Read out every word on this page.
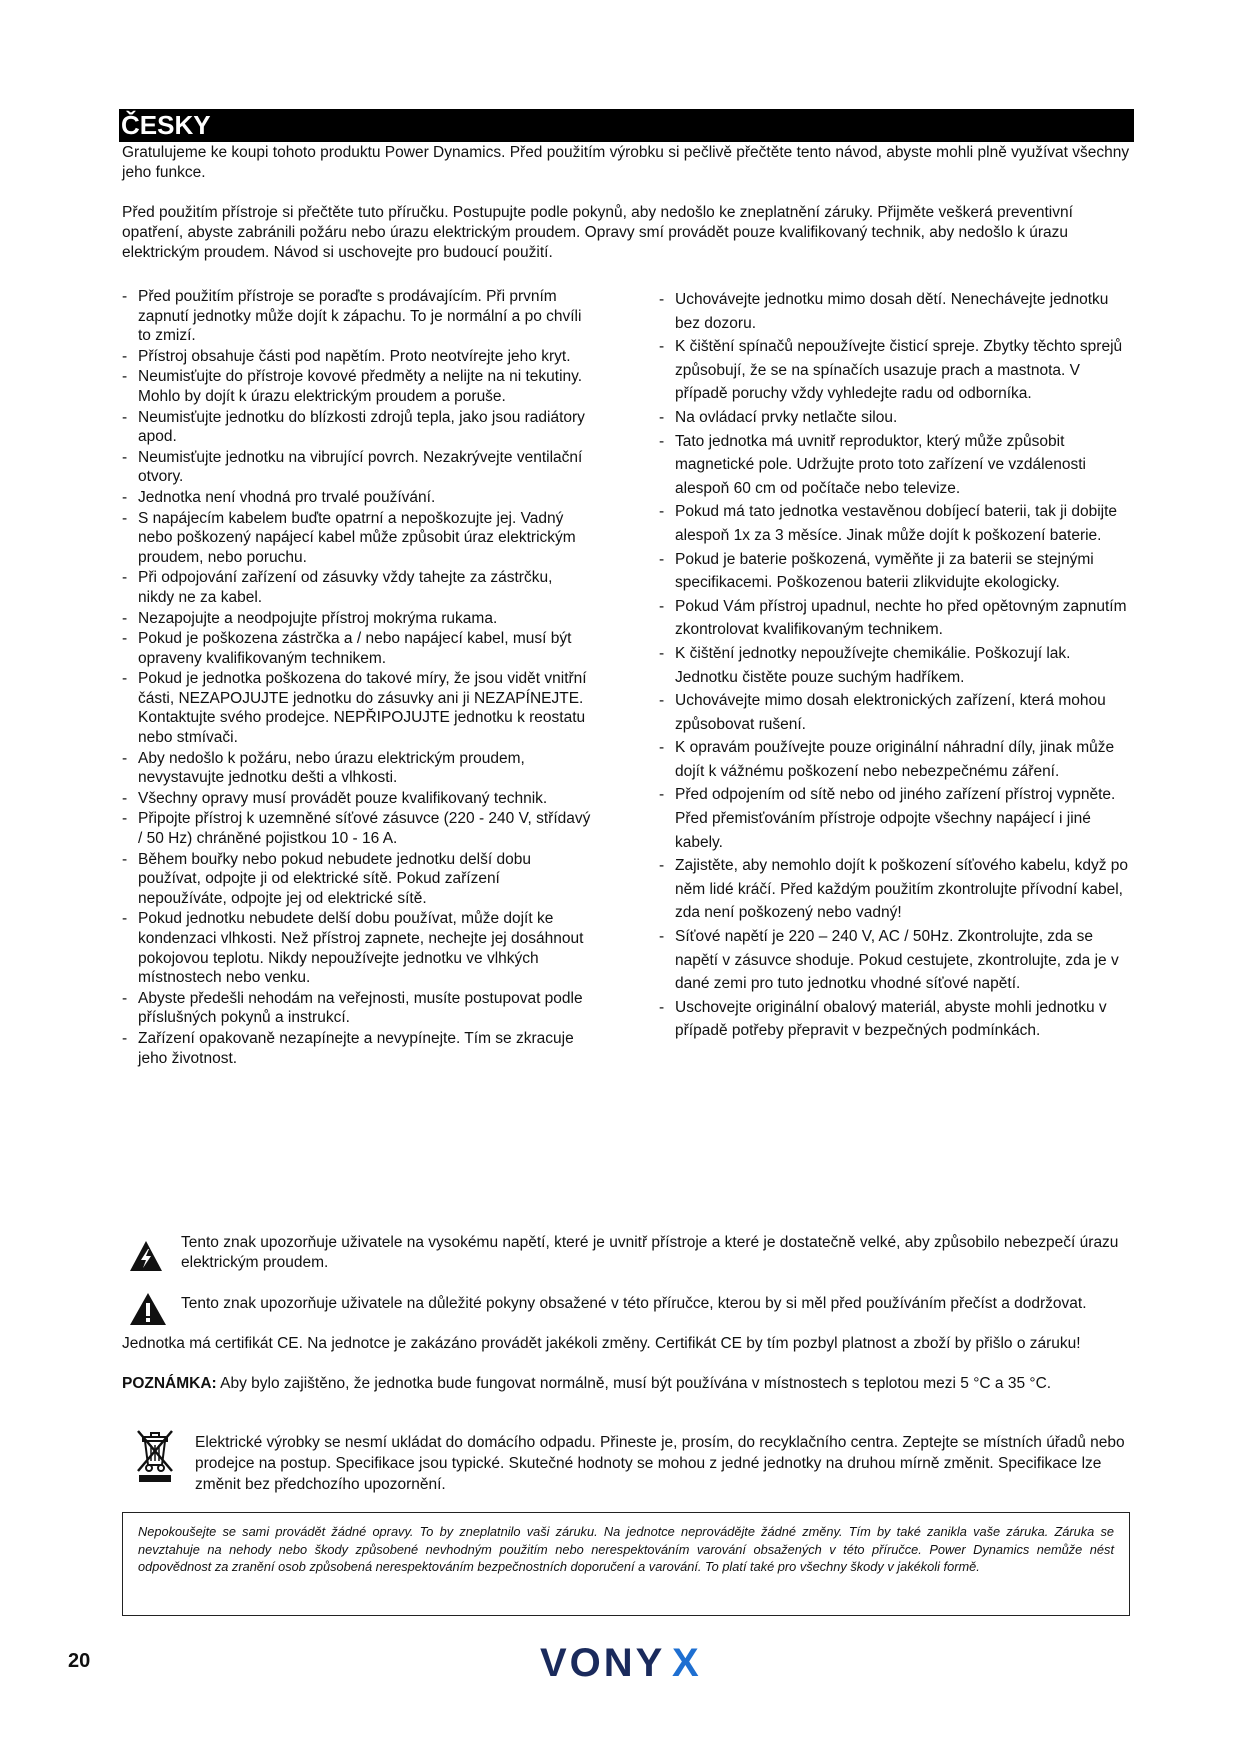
ČESKY

Gratulujeme ke koupi tohoto produktu Power Dynamics. Před použitím výrobku si pečlivě přečtěte tento návod, abyste mohli plně využívat všechny jeho funkce.

Před použitím přístroje si přečtěte tuto příručku. Postupujte podle pokynů, aby nedošlo ke zneplatnění záruky. Přijměte veškerá preventivní opatření, abyste zabránili požáru nebo úrazu elektrickým proudem. Opravy smí provádět pouze kvalifikovaný technik, aby nedošlo k úrazu elektrickým proudem. Návod si uschovejte pro budoucí použití.

- Před použitím přístroje se poraďte s prodávajícím. Při prvním zapnutí jednotky může dojít k zápachu. To je normální a po chvíli to zmizí.
- Přístroj obsahuje části pod napětím. Proto neotvírejte jeho kryt.
- Neumisťujte do přístroje kovové předměty a nelijte na ni tekutiny. Mohlo by dojít k úrazu elektrickým proudem a poruše.
- Neumisťujte jednotku do blízkosti zdrojů tepla, jako jsou radiátory apod.
- Neumisťujte jednotku na vibrující povrch. Nezakrývejte ventilační otvory.
- Jednotka není vhodná pro trvalé používání.
- S napájecím kabelem buďte opatrní a nepoškozujte jej. Vadný nebo poškozený napájecí kabel může způsobit úraz elektrickým proudem, nebo poruchu.
- Při odpojování zařízení od zásuvky vždy tahejte za zástrčku, nikdy ne za kabel.
- Nezapojujte a neodpojujte přístroj mokrýma rukama.
- Pokud je poškozena zástrčka a / nebo napájecí kabel, musí být opraveny kvalifikovaným technikem.
- Pokud je jednotka poškozena do takové míry, že jsou vidět vnitřní části, NEZAPOJUJTE jednotku do zásuvky ani ji NEZAPÍNEJTE. Kontaktujte svého prodejce. NEPŘIPOJUJTE jednotku k reostatu nebo stmívači.
- Aby nedošlo k požáru, nebo úrazu elektrickým proudem, nevystavujte jednotku dešti a vlhkosti.
- Všechny opravy musí provádět pouze kvalifikovaný technik.
- Připojte přístroj k uzemněné síťové zásuvce (220 - 240 V, střídavý / 50 Hz) chráněné pojistkou 10 - 16 A.
- Během bouřky nebo pokud nebudete jednotku delší dobu používat, odpojte ji od elektrické sítě. Pokud zařízení nepoužíváte, odpojte jej od elektrické sítě.
- Pokud jednotku nebudete delší dobu používat, může dojít ke kondenzaci vlhkosti. Než přístroj zapnete, nechejte jej dosáhnout pokojovou teplotu. Nikdy nepoužívejte jednotku ve vlhkých místnostech nebo venku.
- Abyste předešli nehodám na veřejnosti, musíte postupovat podle příslušných pokynů a instrukcí.
- Zařízení opakovaně nezapínejte a nevypínejte. Tím se zkracuje jeho životnost.
- Uchovávejte jednotku mimo dosah dětí. Nenechávejte jednotku bez dozoru.
- K čištění spínačů nepoužívejte čisticí spreje. Zbytky těchto sprejů způsobují, že se na spínačích usazuje prach a mastnota. V případě poruchy vždy vyhledejte radu od odborníka.
- Na ovládací prvky netlačte silou.
- Tato jednotka má uvnitř reproduktor, který může způsobit magnetické pole. Udržujte proto toto zařízení ve vzdálenosti alespoň 60 cm od počítače nebo televize.
- Pokud má tato jednotka vestavěnou dobíjecí baterii, tak ji dobijte alespoň 1x za 3 měsíce. Jinak může dojít k poškození baterie.
- Pokud je baterie poškozená, vyměňte ji za baterii se stejnými specifikacemi. Poškozenou baterii zlikvidujte ekologicky.
- Pokud Vám přístroj upadnul, nechte ho před opětovným zapnutím zkontrolovat kvalifikovaným technikem.
- K čištění jednotky nepoužívejte chemikálie. Poškozují lak. Jednotku čistěte pouze suchým hadříkem.
- Uchovávejte mimo dosah elektronických zařízení, která mohou způsobovat rušení.
- K opravám používejte pouze originální náhradní díly, jinak může dojít k vážnému poškození nebo nebezpečnému záření.
- Před odpojením od sítě nebo od jiného zařízení přístroj vypněte. Před přemisťováním přístroje odpojte všechny napájecí i jiné kabely.
- Zajistěte, aby nemohlo dojít k poškození síťového kabelu, když po něm lidé kráčí. Před každým použitím zkontrolujte přívodní kabel, zda není poškozený nebo vadný!
- Síťové napětí je 220 – 240 V, AC / 50Hz. Zkontrolujte, zda se napětí v zásuvce shoduje. Pokud cestujete, zkontrolujte, zda je v dané zemi pro tuto jednotku vhodné síťové napětí.
- Uschovejte originální obalový materiál, abyste mohli jednotku v případě potřeby přepravit v bezpečných podmínkách.

Tento znak upozorňuje uživatele na vysokému napětí, které je uvnitř přístroje a které je dostatečně velké, aby způsobilo nebezpečí úrazu elektrickým proudem.

Tento znak upozorňuje uživatele na důležité pokyny obsažené v této příručce, kterou by si měl před používáním přečíst a dodržovat.

Jednotka má certifikát CE. Na jednotce je zakázáno provádět jakékoli změny. Certifikát CE by tím pozbyl platnost a zboží by přišlo o záruku!

POZNÁMKA: Aby bylo zajištěno, že jednotka bude fungovat normálně, musí být používána v místnostech s teplotou mezi 5 °C a 35 °C.

Elektrické výrobky se nesmí ukládat do domácího odpadu. Přineste je, prosím, do recyklačního centra. Zeptejte se místních úřadů nebo prodejce na postup. Specifikace jsou typické. Skutečné hodnoty se mohou z jedné jednotky na druhou mírně změnit. Specifikace lze změnit bez předchozího upozornění.

Nepokoušejte se sami provádět žádné opravy. To by zneplatnilo vaši záruku. Na jednotce neprovádějte žádné změny. Tím by také zanikla vaše záruka. Záruka se nevztahuje na nehody nebo škody způsobené nevhodným použitím nebo nerespektováním varování obsažených v této příručce. Power Dynamics nemůže nést odpovědnost za zranění osob způsobená nerespektováním bezpečnostních doporučení a varování. To platí také pro všechny škody v jakékoli formě.
20	VONY X
